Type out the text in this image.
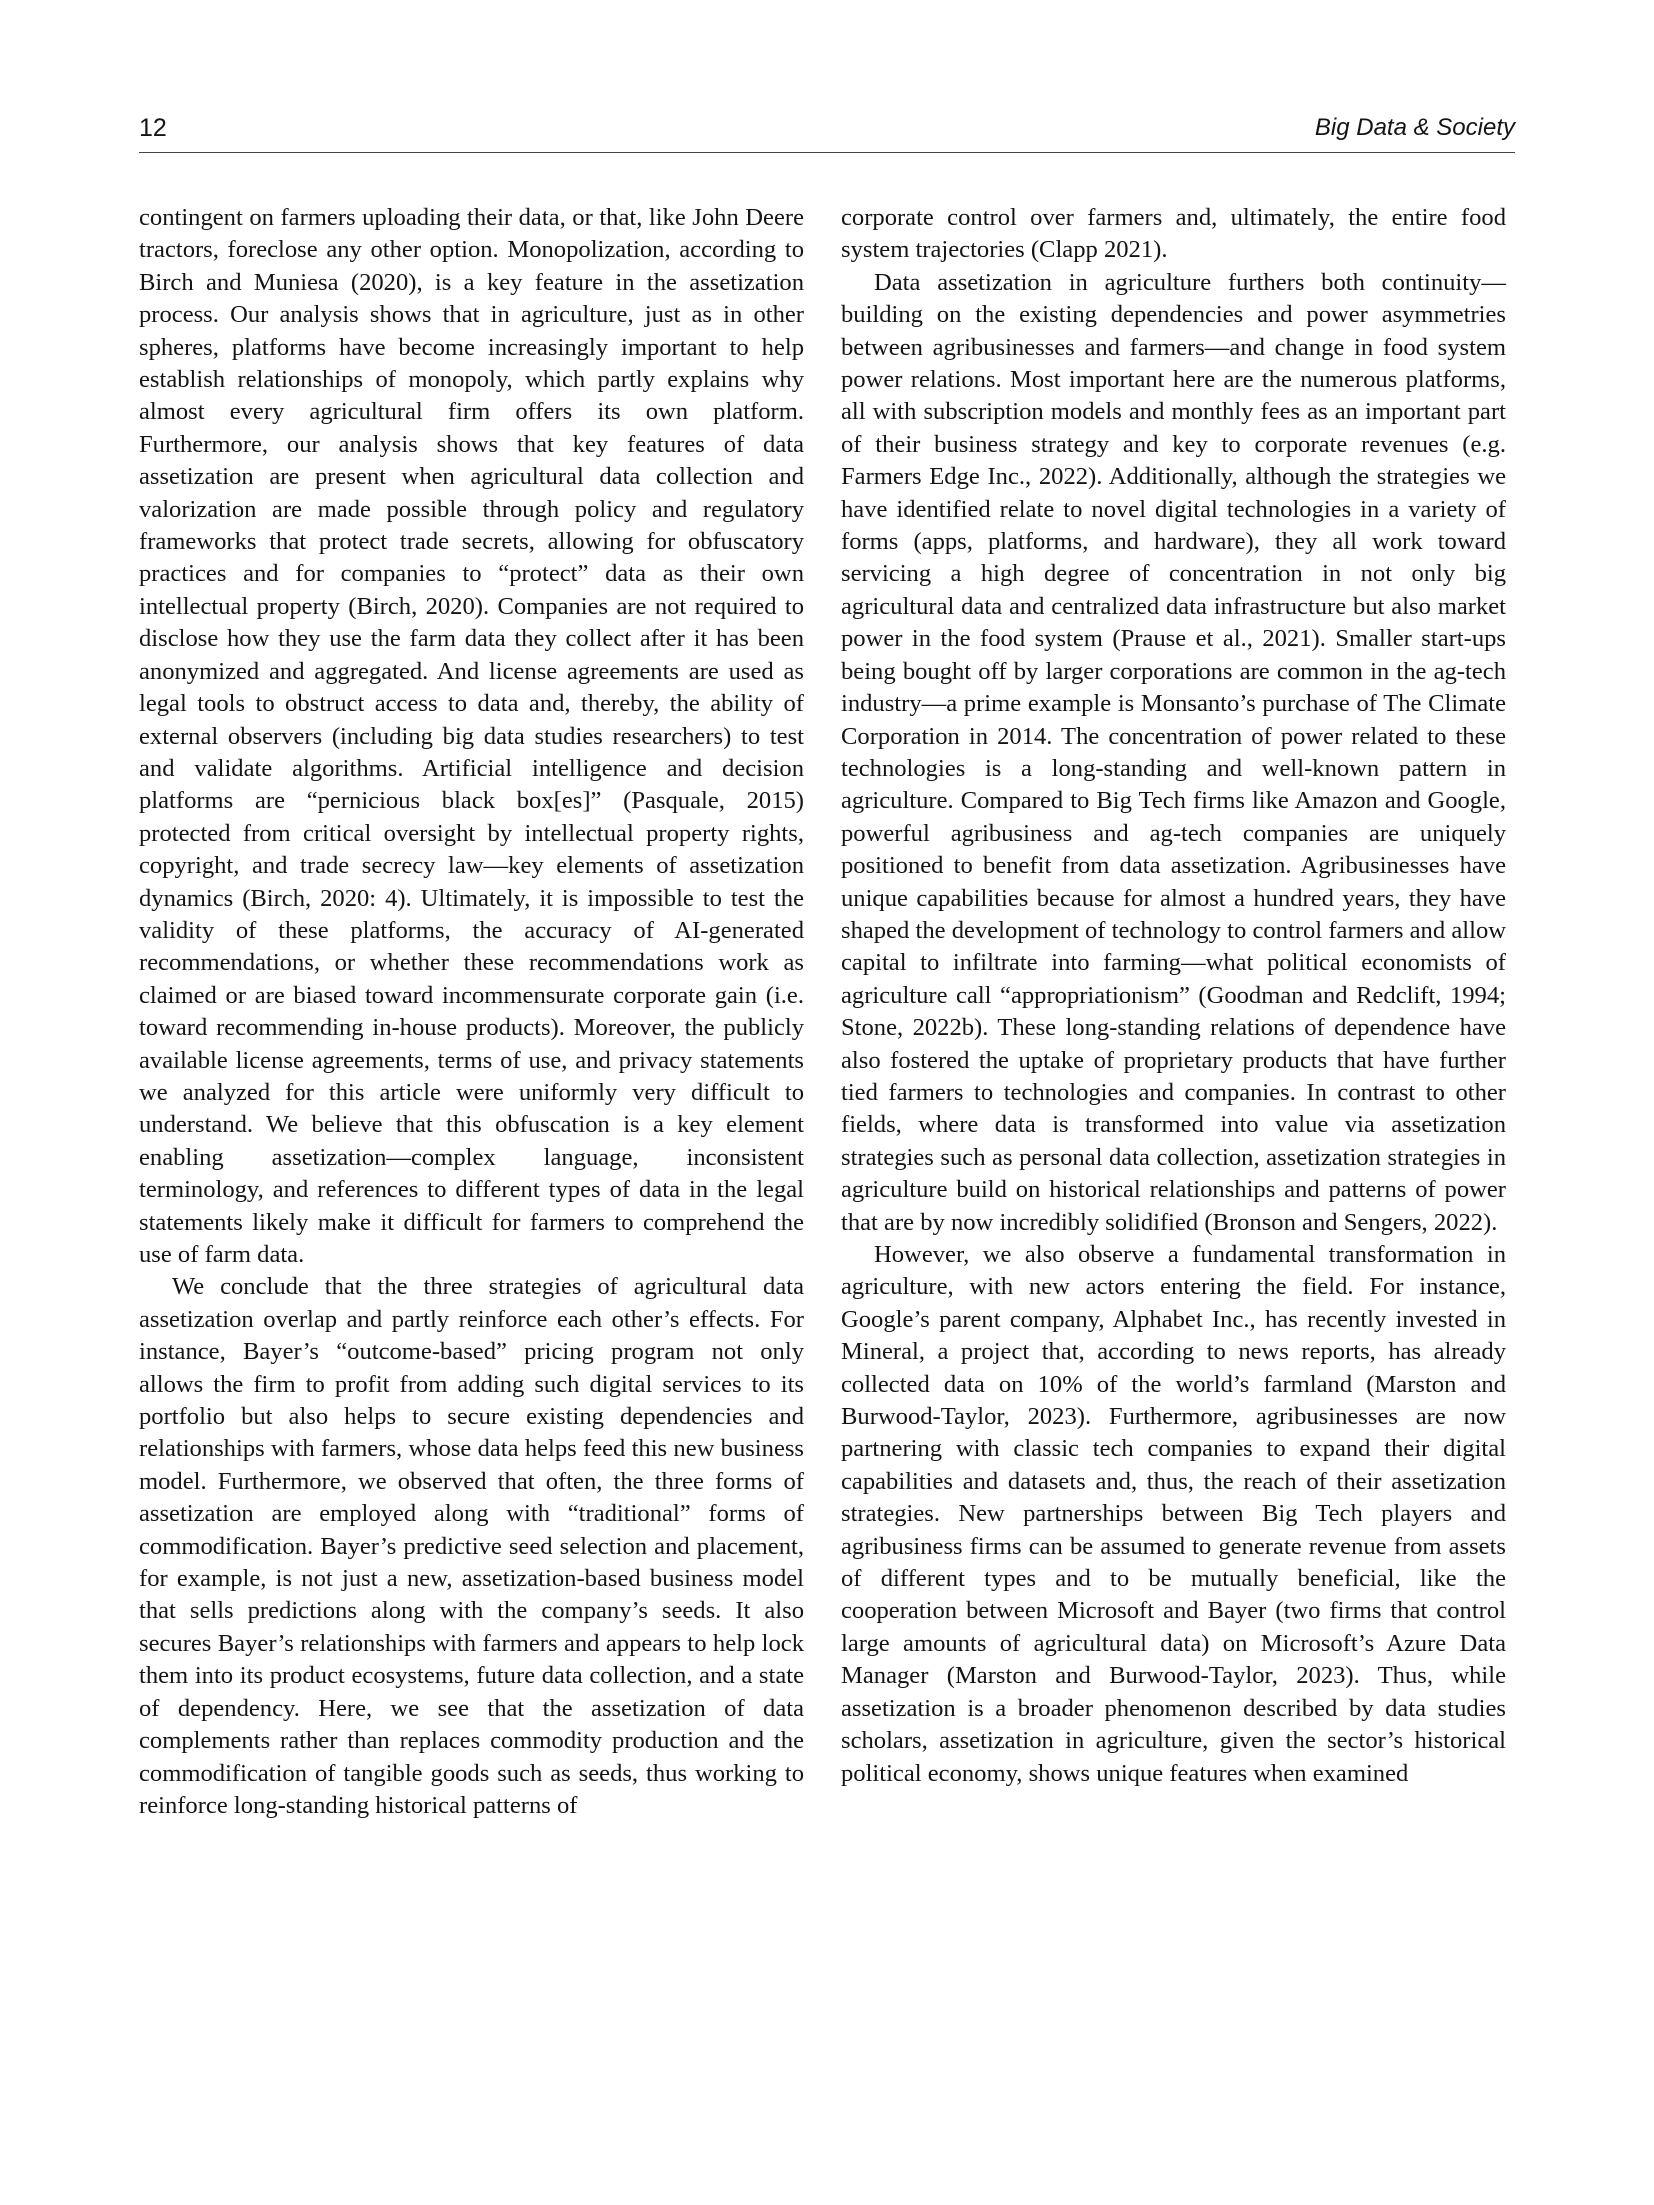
12	Big Data & Society

contingent on farmers uploading their data, or that, like John Deere tractors, foreclose any other option. Monopolization, according to Birch and Muniesa (2020), is a key feature in the assetization process. Our analysis shows that in agriculture, just as in other spheres, platforms have become increasingly important to help establish relationships of monopoly, which partly explains why almost every agricultural firm offers its own platform. Furthermore, our analysis shows that key features of data assetization are present when agricultural data collection and valorization are made possible through policy and regulatory frameworks that protect trade secrets, allowing for obfuscatory practices and for companies to “protect” data as their own intellectual property (Birch, 2020). Companies are not required to disclose how they use the farm data they collect after it has been anonymized and aggregated. And license agreements are used as legal tools to obstruct access to data and, thereby, the ability of external observers (including big data studies researchers) to test and validate algorithms. Artificial intelligence and decision platforms are “pernicious black box[es]” (Pasquale, 2015) protected from critical oversight by intellectual property rights, copyright, and trade secrecy law—key elements of assetization dynamics (Birch, 2020: 4). Ultimately, it is impossible to test the validity of these platforms, the accuracy of AI-generated recommendations, or whether these recommendations work as claimed or are biased toward incommensurate corporate gain (i.e. toward recommending in-house products). Moreover, the publicly available license agreements, terms of use, and privacy statements we analyzed for this article were uniformly very difficult to understand. We believe that this obfuscation is a key element enabling assetization—complex language, inconsistent terminology, and references to different types of data in the legal statements likely make it difficult for farmers to comprehend the use of farm data.

We conclude that the three strategies of agricultural data assetization overlap and partly reinforce each other’s effects. For instance, Bayer’s “outcome-based” pricing program not only allows the firm to profit from adding such digital services to its portfolio but also helps to secure existing dependencies and relationships with farmers, whose data helps feed this new business model. Furthermore, we observed that often, the three forms of assetization are employed along with “traditional” forms of commodification. Bayer’s predictive seed selection and placement, for example, is not just a new, assetization-based business model that sells predictions along with the company’s seeds. It also secures Bayer’s relationships with farmers and appears to help lock them into its product ecosystems, future data collection, and a state of dependency. Here, we see that the assetization of data complements rather than replaces commodity production and the commodification of tangible goods such as seeds, thus working to reinforce long-standing historical patterns of

corporate control over farmers and, ultimately, the entire food system trajectories (Clapp 2021).

Data assetization in agriculture furthers both continuity—building on the existing dependencies and power asymmetries between agribusinesses and farmers—and change in food system power relations. Most important here are the numerous platforms, all with subscription models and monthly fees as an important part of their business strategy and key to corporate revenues (e.g. Farmers Edge Inc., 2022). Additionally, although the strategies we have identified relate to novel digital technologies in a variety of forms (apps, platforms, and hardware), they all work toward servicing a high degree of concentration in not only big agricultural data and centralized data infrastructure but also market power in the food system (Prause et al., 2021). Smaller start-ups being bought off by larger corporations are common in the ag-tech industry—a prime example is Monsanto’s purchase of The Climate Corporation in 2014. The concentration of power related to these technologies is a long-standing and well-known pattern in agriculture. Compared to Big Tech firms like Amazon and Google, powerful agribusiness and ag-tech companies are uniquely positioned to benefit from data assetization. Agribusinesses have unique capabilities because for almost a hundred years, they have shaped the development of technology to control farmers and allow capital to infiltrate into farming—what political economists of agriculture call “appropriationism” (Goodman and Redclift, 1994; Stone, 2022b). These long-standing relations of dependence have also fostered the uptake of proprietary products that have further tied farmers to technologies and companies. In contrast to other fields, where data is transformed into value via assetization strategies such as personal data collection, assetization strategies in agriculture build on historical relationships and patterns of power that are by now incredibly solidified (Bronson and Sengers, 2022).

However, we also observe a fundamental transformation in agriculture, with new actors entering the field. For instance, Google’s parent company, Alphabet Inc., has recently invested in Mineral, a project that, according to news reports, has already collected data on 10% of the world’s farmland (Marston and Burwood-Taylor, 2023). Furthermore, agribusinesses are now partnering with classic tech companies to expand their digital capabilities and datasets and, thus, the reach of their assetization strategies. New partnerships between Big Tech players and agribusiness firms can be assumed to generate revenue from assets of different types and to be mutually beneficial, like the cooperation between Microsoft and Bayer (two firms that control large amounts of agricultural data) on Microsoft’s Azure Data Manager (Marston and Burwood-Taylor, 2023). Thus, while assetization is a broader phenomenon described by data studies scholars, assetization in agriculture, given the sector’s historical political economy, shows unique features when examined
